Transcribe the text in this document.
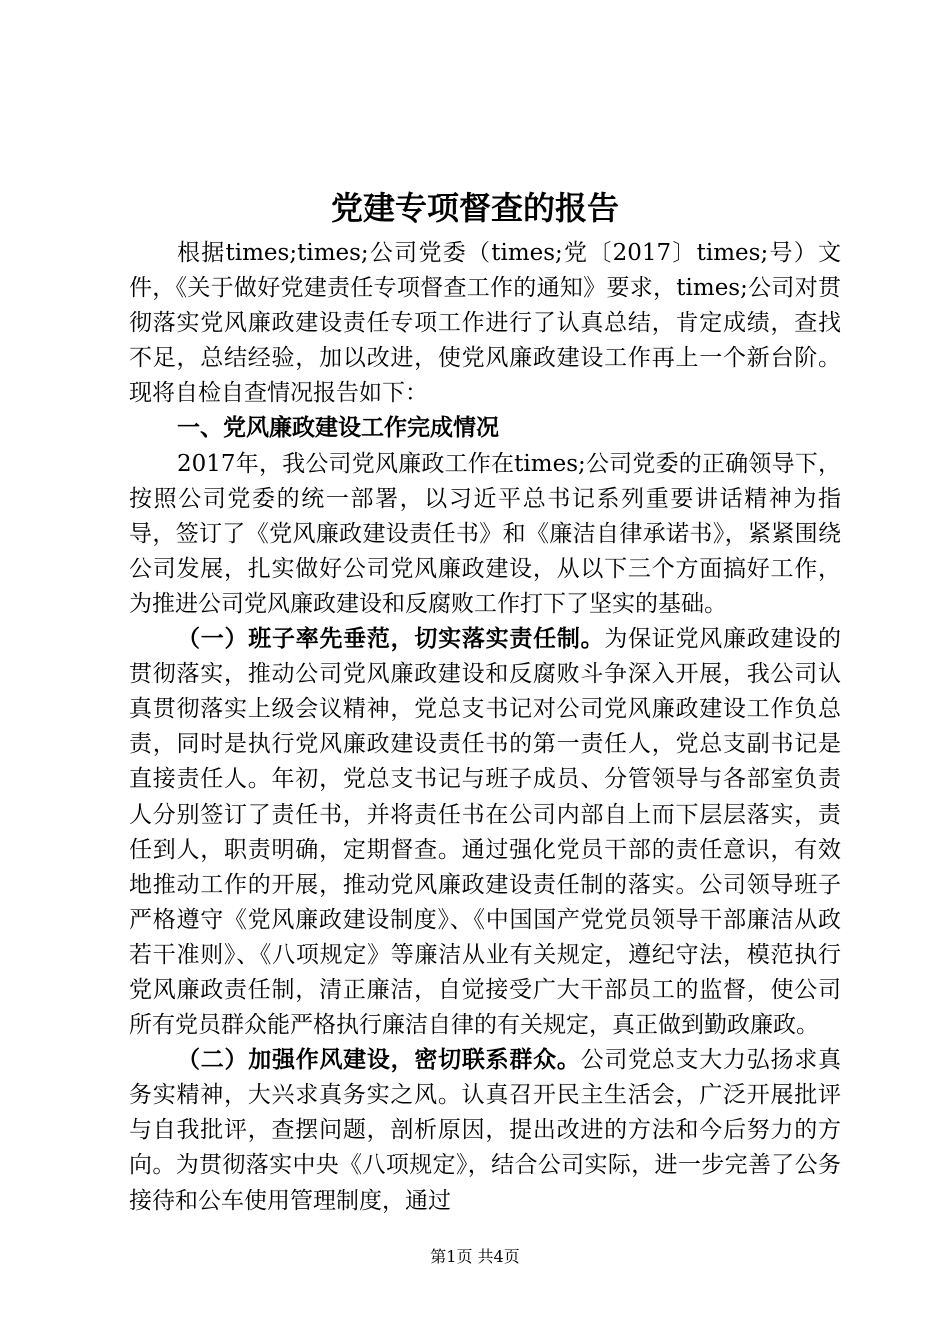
党建专项督查的报告

根据times;times;公司党委（times;党〔2017〕times;号）文件，《关于做好党建责任专项督查工作的通知》要求，times;公司对贯彻落实党风廉政建设责任专项工作进行了认真总结，肯定成绩，查找不足，总结经验，加以改进，使党风廉政建设工作再上一个新台阶。现将自检自查情况报告如下：

一、党风廉政建设工作完成情况

2017年，我公司党风廉政工作在times;公司党委的正确领导下，按照公司党委的统一部署，以习近平总书记系列重要讲话精神为指导，签订了《党风廉政建设责任书》和《廉洁自律承诺书》，紧紧围绕公司发展，扎实做好公司党风廉政建设，从以下三个方面搞好工作，为推进公司党风廉政建设和反腐败工作打下了坚实的基础。

（一）班子率先垂范，切实落实责任制。为保证党风廉政建设的贯彻落实，推动公司党风廉政建设和反腐败斗争深入开展，我公司认真贯彻落实上级会议精神，党总支书记对公司党风廉政建设工作负总责，同时是执行党风廉政建设责任书的第一责任人，党总支副书记是直接责任人。年初，党总支书记与班子成员、分管领导与各部室负责人分别签订了责任书，并将责任书在公司内部自上而下层层落实，责任到人，职责明确，定期督查。通过强化党员干部的责任意识，有效地推动工作的开展，推动党风廉政建设责任制的落实。公司领导班子严格遵守《党风廉政建设制度》、《中国国产党党员领导干部廉洁从政若干准则》、《八项规定》等廉洁从业有关规定，遵纪守法，模范执行党风廉政责任制，清正廉洁，自觉接受广大干部员工的监督，使公司所有党员群众能严格执行廉洁自律的有关规定，真正做到勤政廉政。

（二）加强作风建设，密切联系群众。公司党总支大力弘扬求真务实精神，大兴求真务实之风。认真召开民主生活会，广泛开展批评与自我批评，查摆问题，剖析原因，提出改进的方法和今后努力的方向。为贯彻落实中央《八项规定》，结合公司实际，进一步完善了公务接待和公车使用管理制度，通过

第1页 共4页
